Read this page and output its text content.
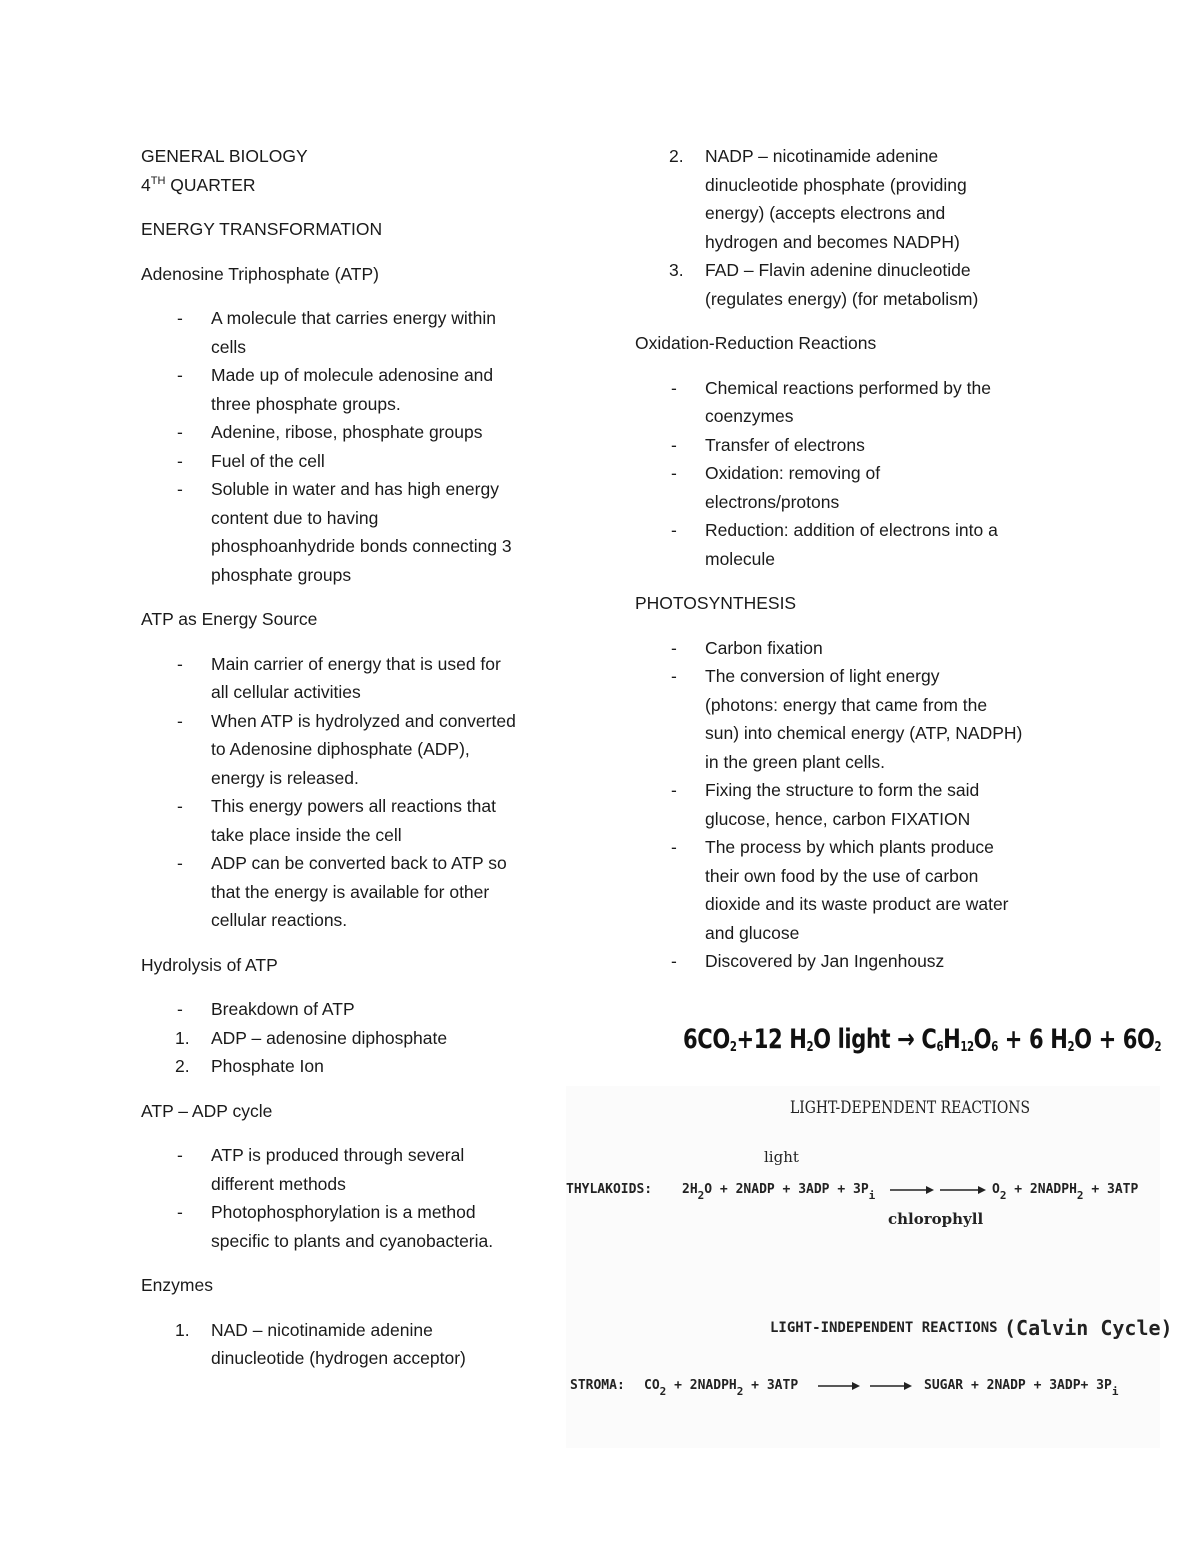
GENERAL BIOLOGY

4TH QUARTER

ENERGY TRANSFORMATION

Adenosine Triphosphate (ATP)

- A molecule that carries energy within
cells
- Made up of molecule adenosine and
three phosphate groups.
- Adenine, ribose, phosphate groups
- Fuel of the cell
- Soluble in water and has high energy
content due to having
phosphoanhydride bonds connecting 3
phosphate groups

ATP as Energy Source

- Main carrier of energy that is used for
all cellular activities
- When ATP is hydrolyzed and converted
to Adenosine diphosphate (ADP),
energy is released.
- This energy powers all reactions that
take place inside the cell
- ADP can be converted back to ATP so
that the energy is available for other
cellular reactions.

Hydrolysis of ATP

- Breakdown of ATP
1. ADP – adenosine diphosphate
2. Phosphate Ion

ATP – ADP cycle

- ATP is produced through several
different methods
- Photophosphorylation is a method
specific to plants and cyanobacteria.

Enzymes

1. NAD – nicotinamide adenine
dinucleotide (hydrogen acceptor)
2. NADP – nicotinamide adenine
dinucleotide phosphate (providing
energy) (accepts electrons and
hydrogen and becomes NADPH)
3. FAD – Flavin adenine dinucleotide
(regulates energy) (for metabolism)

Oxidation-Reduction Reactions

- Chemical reactions performed by the
coenzymes
- Transfer of electrons
- Oxidation: removing of
electrons/protons
- Reduction: addition of electrons into a
molecule

PHOTOSYNTHESIS

- Carbon fixation
- The conversion of light energy
(photons: energy that came from the
sun) into chemical energy (ATP, NADPH)
in the green plant cells.
- Fixing the structure to form the said
glucose, hence, carbon FIXATION
- The process by which plants produce
their own food by the use of carbon
dioxide and its waste product are water
and glucose
- Discovered by Jan Ingenhousz
$6CO_2+12$ $H_2O$ light → $C_6H_{12}O_6 + 6$ $H_2O + 6O_2$
LIGHT-DEPENDENT REACTIONS
light
THYLAKOIDS: $2H_2O$ + 2NADP + $3ADP + 3P_i$	$O_2$ + $2NADPH_2 + 3ATP$
chlorophyll
LIGHT-INDEPENDENT REACTIONS (Calvin Cycle)
STROMA: $CO_2$ + $2NADPH_2 + 3ATP$	SUGAR + 2NADP + $3ADP+ 3P_i$
